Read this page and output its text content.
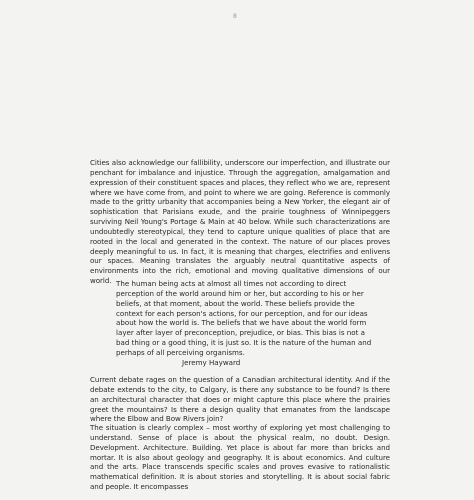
8
Cities also acknowledge our fallibility, underscore our imperfection, and illustrate our penchant for imbalance and injustice. Through the aggregation, amalgamation and expression of their constituent spaces and places, they reflect who we are, represent where we have come from, and point to where we are going. Reference is commonly made to the gritty urbanity that accompanies being a New Yorker, the elegant air of sophistication that Parisians exude, and the prairie toughness of Winnipeggers surviving Neil Young's Portage & Main at 40 below. While such characterizations are undoubtedly stereotypical, they tend to capture unique qualities of place that are rooted in the local and generated in the context. The nature of our places proves deeply meaningful to us. In fact, it is meaning that charges, electrifies and enlivens our spaces. Meaning translates the arguably neutral quantitative aspects of environments into the rich, emotional and moving qualitative dimensions of our world. The human being acts at almost all times not according to direct perception of the world around him or her, but according to his or her beliefs, at that moment, about the world. These beliefs provide the context for each person's actions, for our perception, and for our ideas about how the world is. The beliefs that we have about the world form layer after layer of preconception, prejudice, or bias. This bias is not a bad thing or a good thing, it is just so. It is the nature of the human and perhaps of all perceiving organisms.
Jeremy Hayward
Current debate rages on the question of a Canadian architectural identity. And if the debate extends to the city, to Calgary, is there any substance to be found? Is there an architectural character that does or might capture this place where the prairies greet the mountains? Is there a design quality that emanates from the landscape where the Elbow and Bow Rivers join?
The situation is clearly complex – most worthy of exploring yet most challenging to understand. Sense of place is about the physical realm, no doubt. Design. Development. Architecture. Building. Yet place is about far more than bricks and mortar. It is also about geology and geography. It is about economics. And culture and the arts. Place transcends specific scales and proves evasive to rationalistic mathematical definition. It is about stories and storytelling. It is about social fabric and people. It encompasses
